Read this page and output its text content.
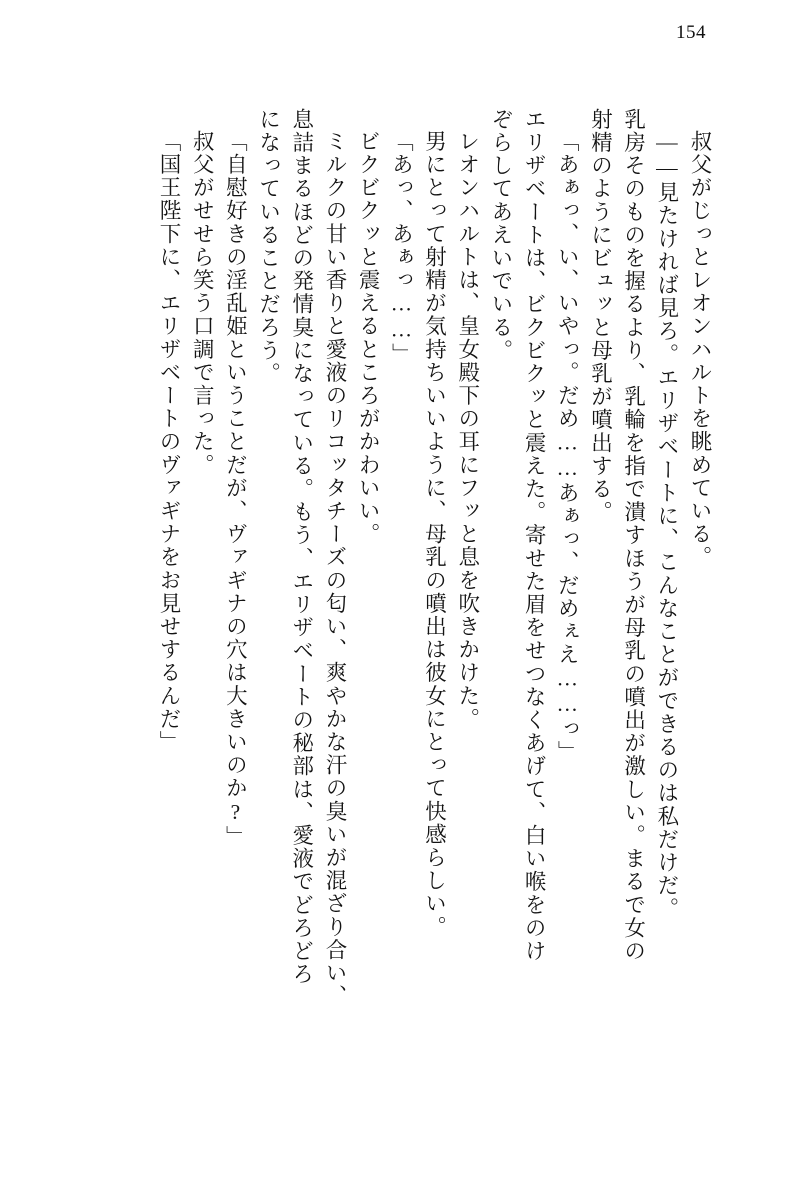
154
叔父がじっとレオンハルトを眺めている。
――見たければ見ろ。エリザベートに、こんなことができるのは私だけだ。
乳房そのものを握るより、乳輪を指で潰すほうが母乳の噴出が激しい。まるで女の
射精のようにビュッと母乳が噴出する。
「あぁっ、い、いやっ。だめ……あぁっ、だめぇえ……っ」
エリザベートは、ビクビクッと震えた。寄せた眉をせつなくあげて、白い喉をのけ
ぞらしてあえいでいる。
レオンハルトは、皇女殿下の耳にフッと息を吹きかけた。
男にとって射精が気持ちいいように、母乳の噴出は彼女にとって快感らしい。
「あっ、あぁっ……」
ビクビクッと震えるところがかわいい。
ミルクの甘い香りと愛液のリコッタチーズの匂い、爽やかな汗の臭いが混ざり合い、
息詰まるほどの発情臭になっている。もう、エリザベートの秘部は、愛液でどろどろ
になっていることだろう。
「自慰好きの淫乱姫ということだが、ヴァギナの穴は大きいのか?」
叔父がせせら笑う口調で言った。
「国王陛下に、エリザベートのヴァギナをお見せするんだ」
